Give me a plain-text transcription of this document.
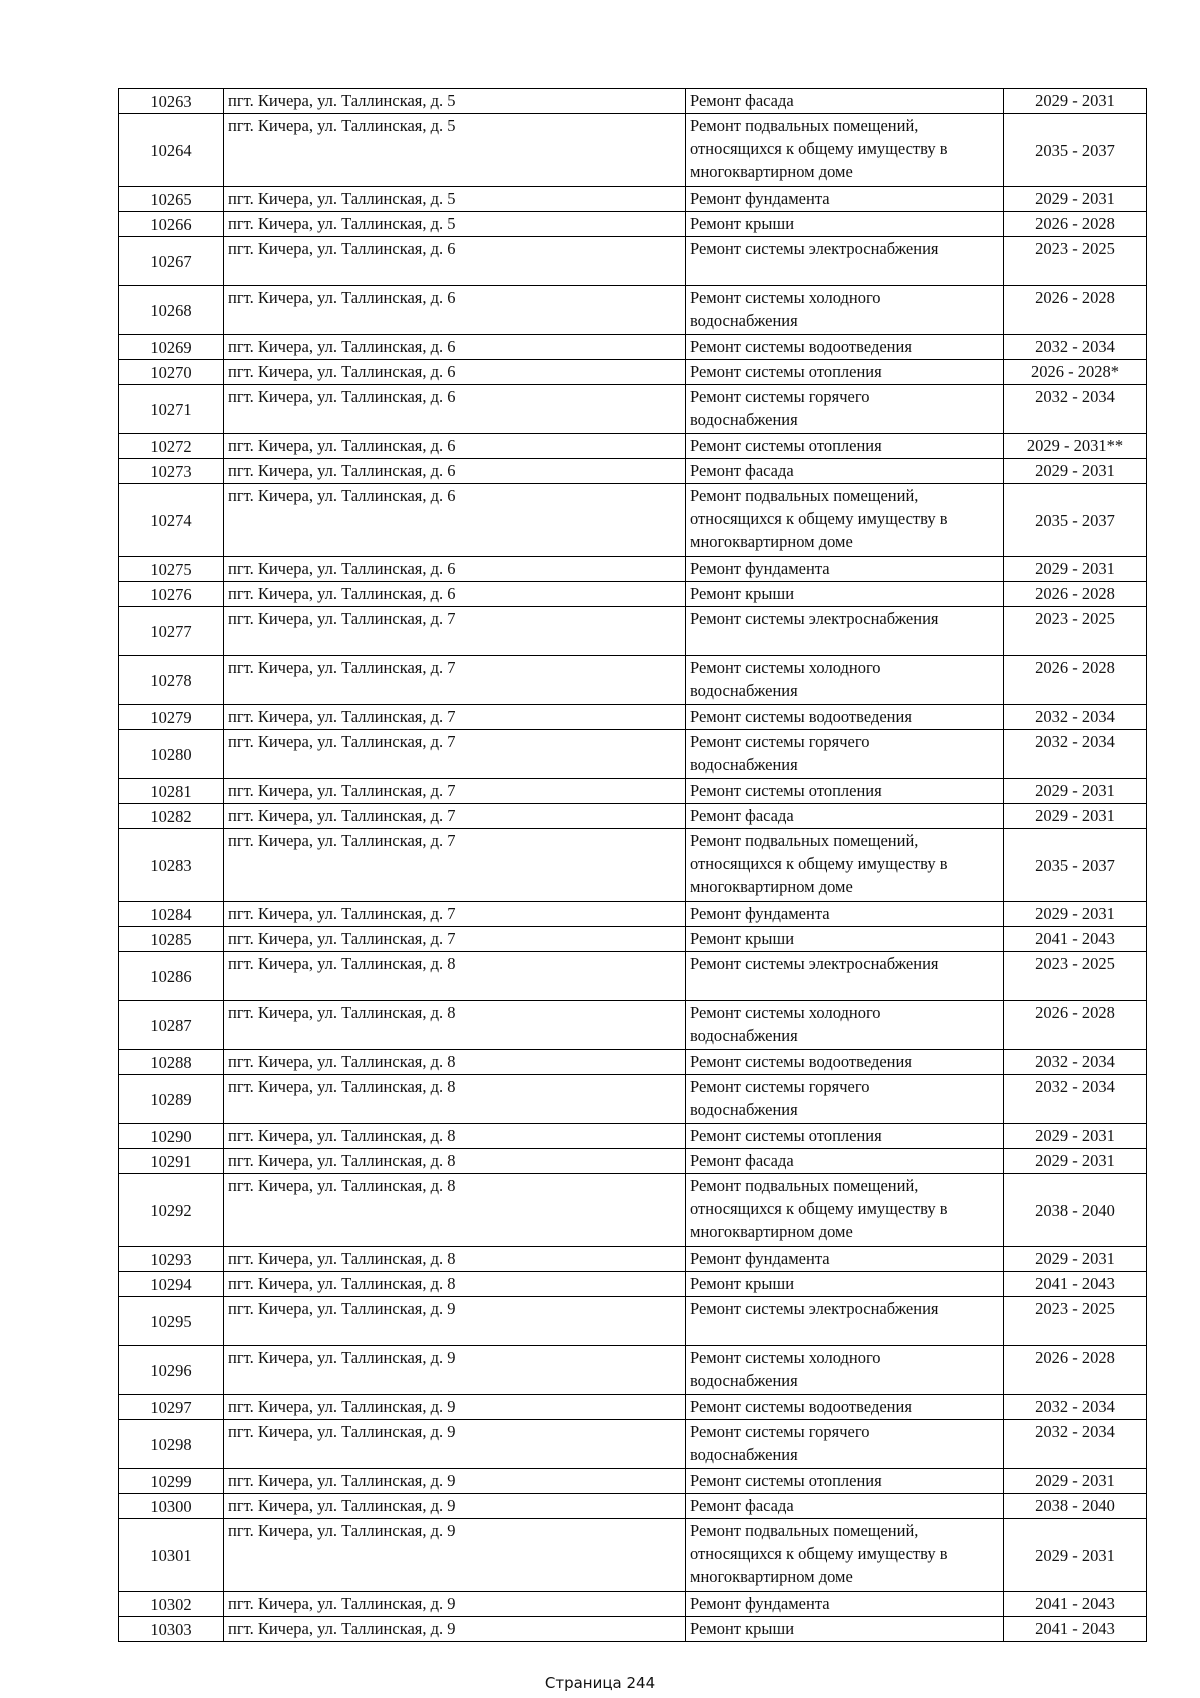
10263	пгт. Кичера, ул. Таллинская, д. 5	Ремонт фасада	2029 - 2031
10264	пгт. Кичера, ул. Таллинская, д. 5	Ремонт подвальных помещений,
относящихся к общему имуществу в
многоквартирном доме	2035 - 2037
10265	пгт. Кичера, ул. Таллинская, д. 5	Ремонт фундамента	2029 - 2031
10266	пгт. Кичера, ул. Таллинская, д. 5	Ремонт крыши	2026 - 2028
10267	пгт. Кичера, ул. Таллинская, д. 6	Ремонт системы электроснабжения	2023 - 2025
10268	пгт. Кичера, ул. Таллинская, д. 6	Ремонт системы холодного
водоснабжения	2026 - 2028
10269	пгт. Кичера, ул. Таллинская, д. 6	Ремонт системы водоотведения	2032 - 2034
10270	пгт. Кичера, ул. Таллинская, д. 6	Ремонт системы отопления	2026 - 2028*
10271	пгт. Кичера, ул. Таллинская, д. 6	Ремонт системы горячего
водоснабжения	2032 - 2034
10272	пгт. Кичера, ул. Таллинская, д. 6	Ремонт системы отопления	2029 - 2031**
10273	пгт. Кичера, ул. Таллинская, д. 6	Ремонт фасада	2029 - 2031
10274	пгт. Кичера, ул. Таллинская, д. 6	Ремонт подвальных помещений,
относящихся к общему имуществу в
многоквартирном доме	2035 - 2037
10275	пгт. Кичера, ул. Таллинская, д. 6	Ремонт фундамента	2029 - 2031
10276	пгт. Кичера, ул. Таллинская, д. 6	Ремонт крыши	2026 - 2028
10277	пгт. Кичера, ул. Таллинская, д. 7	Ремонт системы электроснабжения	2023 - 2025
10278	пгт. Кичера, ул. Таллинская, д. 7	Ремонт системы холодного
водоснабжения	2026 - 2028
10279	пгт. Кичера, ул. Таллинская, д. 7	Ремонт системы водоотведения	2032 - 2034
10280	пгт. Кичера, ул. Таллинская, д. 7	Ремонт системы горячего
водоснабжения	2032 - 2034
10281	пгт. Кичера, ул. Таллинская, д. 7	Ремонт системы отопления	2029 - 2031
10282	пгт. Кичера, ул. Таллинская, д. 7	Ремонт фасада	2029 - 2031
10283	пгт. Кичера, ул. Таллинская, д. 7	Ремонт подвальных помещений,
относящихся к общему имуществу в
многоквартирном доме	2035 - 2037
10284	пгт. Кичера, ул. Таллинская, д. 7	Ремонт фундамента	2029 - 2031
10285	пгт. Кичера, ул. Таллинская, д. 7	Ремонт крыши	2041 - 2043
10286	пгт. Кичера, ул. Таллинская, д. 8	Ремонт системы электроснабжения	2023 - 2025
10287	пгт. Кичера, ул. Таллинская, д. 8	Ремонт системы холодного
водоснабжения	2026 - 2028
10288	пгт. Кичера, ул. Таллинская, д. 8	Ремонт системы водоотведения	2032 - 2034
10289	пгт. Кичера, ул. Таллинская, д. 8	Ремонт системы горячего
водоснабжения	2032 - 2034
10290	пгт. Кичера, ул. Таллинская, д. 8	Ремонт системы отопления	2029 - 2031
10291	пгт. Кичера, ул. Таллинская, д. 8	Ремонт фасада	2029 - 2031
10292	пгт. Кичера, ул. Таллинская, д. 8	Ремонт подвальных помещений,
относящихся к общему имуществу в
многоквартирном доме	2038 - 2040
10293	пгт. Кичера, ул. Таллинская, д. 8	Ремонт фундамента	2029 - 2031
10294	пгт. Кичера, ул. Таллинская, д. 8	Ремонт крыши	2041 - 2043
10295	пгт. Кичера, ул. Таллинская, д. 9	Ремонт системы электроснабжения	2023 - 2025
10296	пгт. Кичера, ул. Таллинская, д. 9	Ремонт системы холодного
водоснабжения	2026 - 2028
10297	пгт. Кичера, ул. Таллинская, д. 9	Ремонт системы водоотведения	2032 - 2034
10298	пгт. Кичера, ул. Таллинская, д. 9	Ремонт системы горячего
водоснабжения	2032 - 2034
10299	пгт. Кичера, ул. Таллинская, д. 9	Ремонт системы отопления	2029 - 2031
10300	пгт. Кичера, ул. Таллинская, д. 9	Ремонт фасада	2038 - 2040
10301	пгт. Кичера, ул. Таллинская, д. 9	Ремонт подвальных помещений,
относящихся к общему имуществу в
многоквартирном доме	2029 - 2031
10302	пгт. Кичера, ул. Таллинская, д. 9	Ремонт фундамента	2041 - 2043
10303	пгт. Кичера, ул. Таллинская, д. 9	Ремонт крыши	2041 - 2043
Страница 244
